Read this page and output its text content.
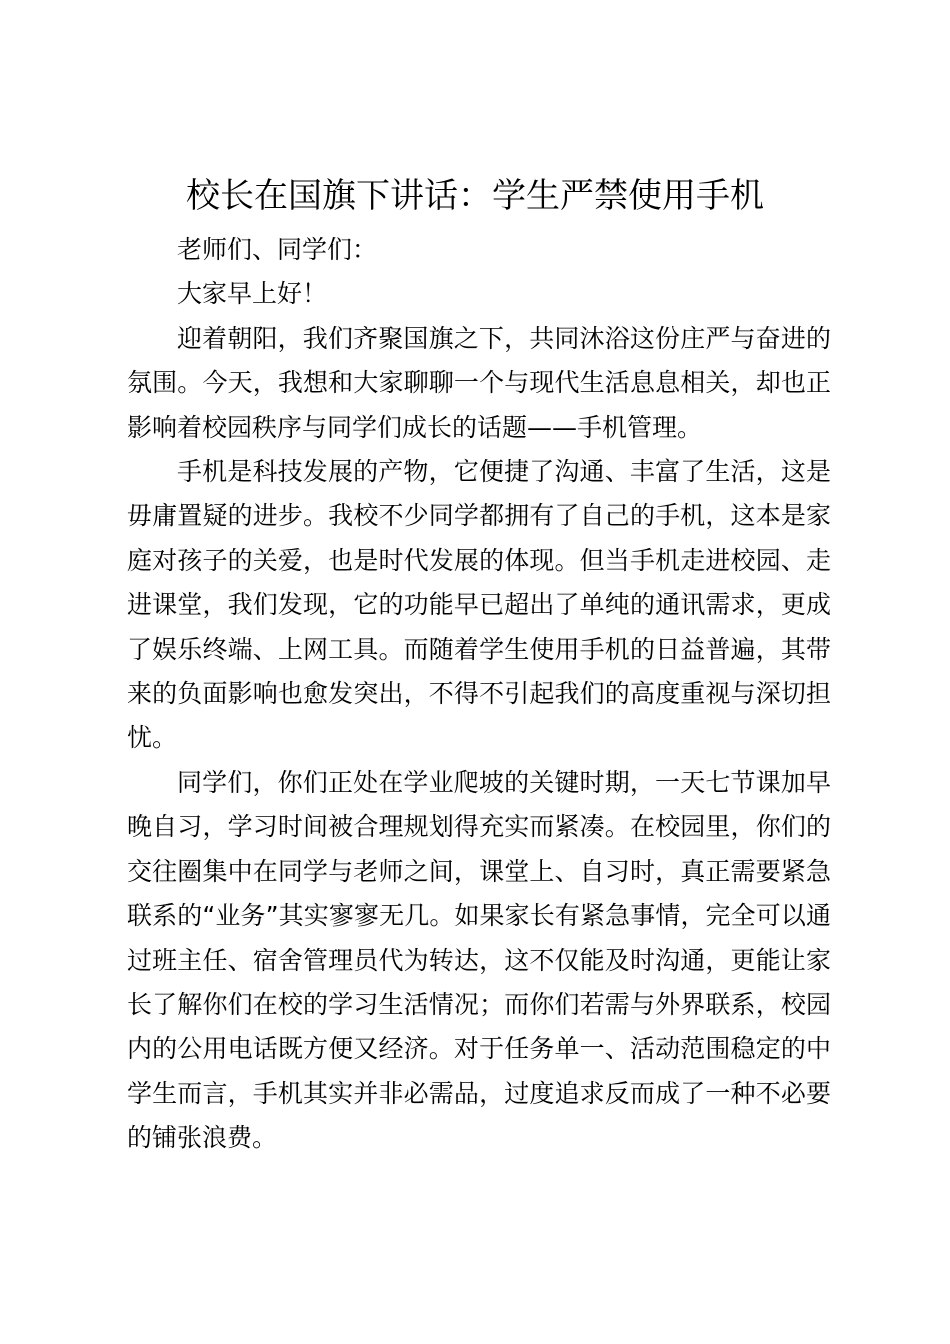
校长在国旗下讲话：学生严禁使用手机

老师们、同学们：

大家早上好！

迎着朝阳，我们齐聚国旗之下，共同沐浴这份庄严与奋进的氛围。今天，我想和大家聊聊一个与现代生活息息相关，却也正影响着校园秩序与同学们成长的话题——手机管理。

手机是科技发展的产物，它便捷了沟通、丰富了生活，这是毋庸置疑的进步。我校不少同学都拥有了自己的手机，这本是家庭对孩子的关爱，也是时代发展的体现。但当手机走进校园、走进课堂，我们发现，它的功能早已超出了单纯的通讯需求，更成了娱乐终端、上网工具。而随着学生使用手机的日益普遍，其带来的负面影响也愈发突出，不得不引起我们的高度重视与深切担忧。

同学们，你们正处在学业爬坡的关键时期，一天七节课加早晚自习，学习时间被合理规划得充实而紧凑。在校园里，你们的交往圈集中在同学与老师之间，课堂上、自习时，真正需要紧急联系的“业务”其实寥寥无几。如果家长有紧急事情，完全可以通过班主任、宿舍管理员代为转达，这不仅能及时沟通，更能让家长了解你们在校的学习生活情况；而你们若需与外界联系，校园内的公用电话既方便又经济。对于任务单一、活动范围稳定的中学生而言，手机其实并非必需品，过度追求反而成了一种不必要的铺张浪费。
